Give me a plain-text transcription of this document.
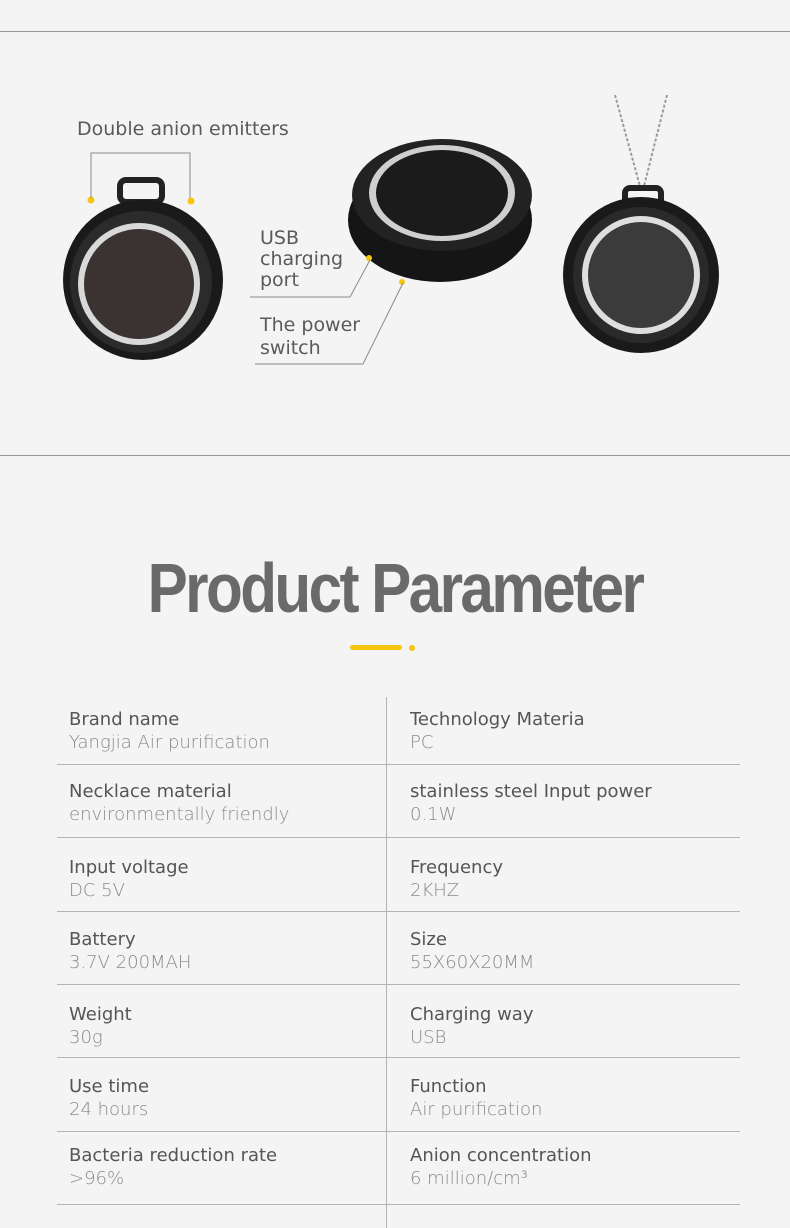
Double anion emitters
USB
charging
port
The power
switch
Product Parameter
Brand name
Yangjia Air purification
Technology Materia
PC
Necklace material
environmentally friendly
stainless steel Input power
0.1W
Input voltage
DC 5V
Frequency
2KHZ
Battery
3.7V 200MAH
Size
55X60X20MM
Weight
30g
Charging way
USB
Use time
24 hours
Function
Air purification
Bacteria reduction rate
>96%
Anion concentration
6 million/cm³
